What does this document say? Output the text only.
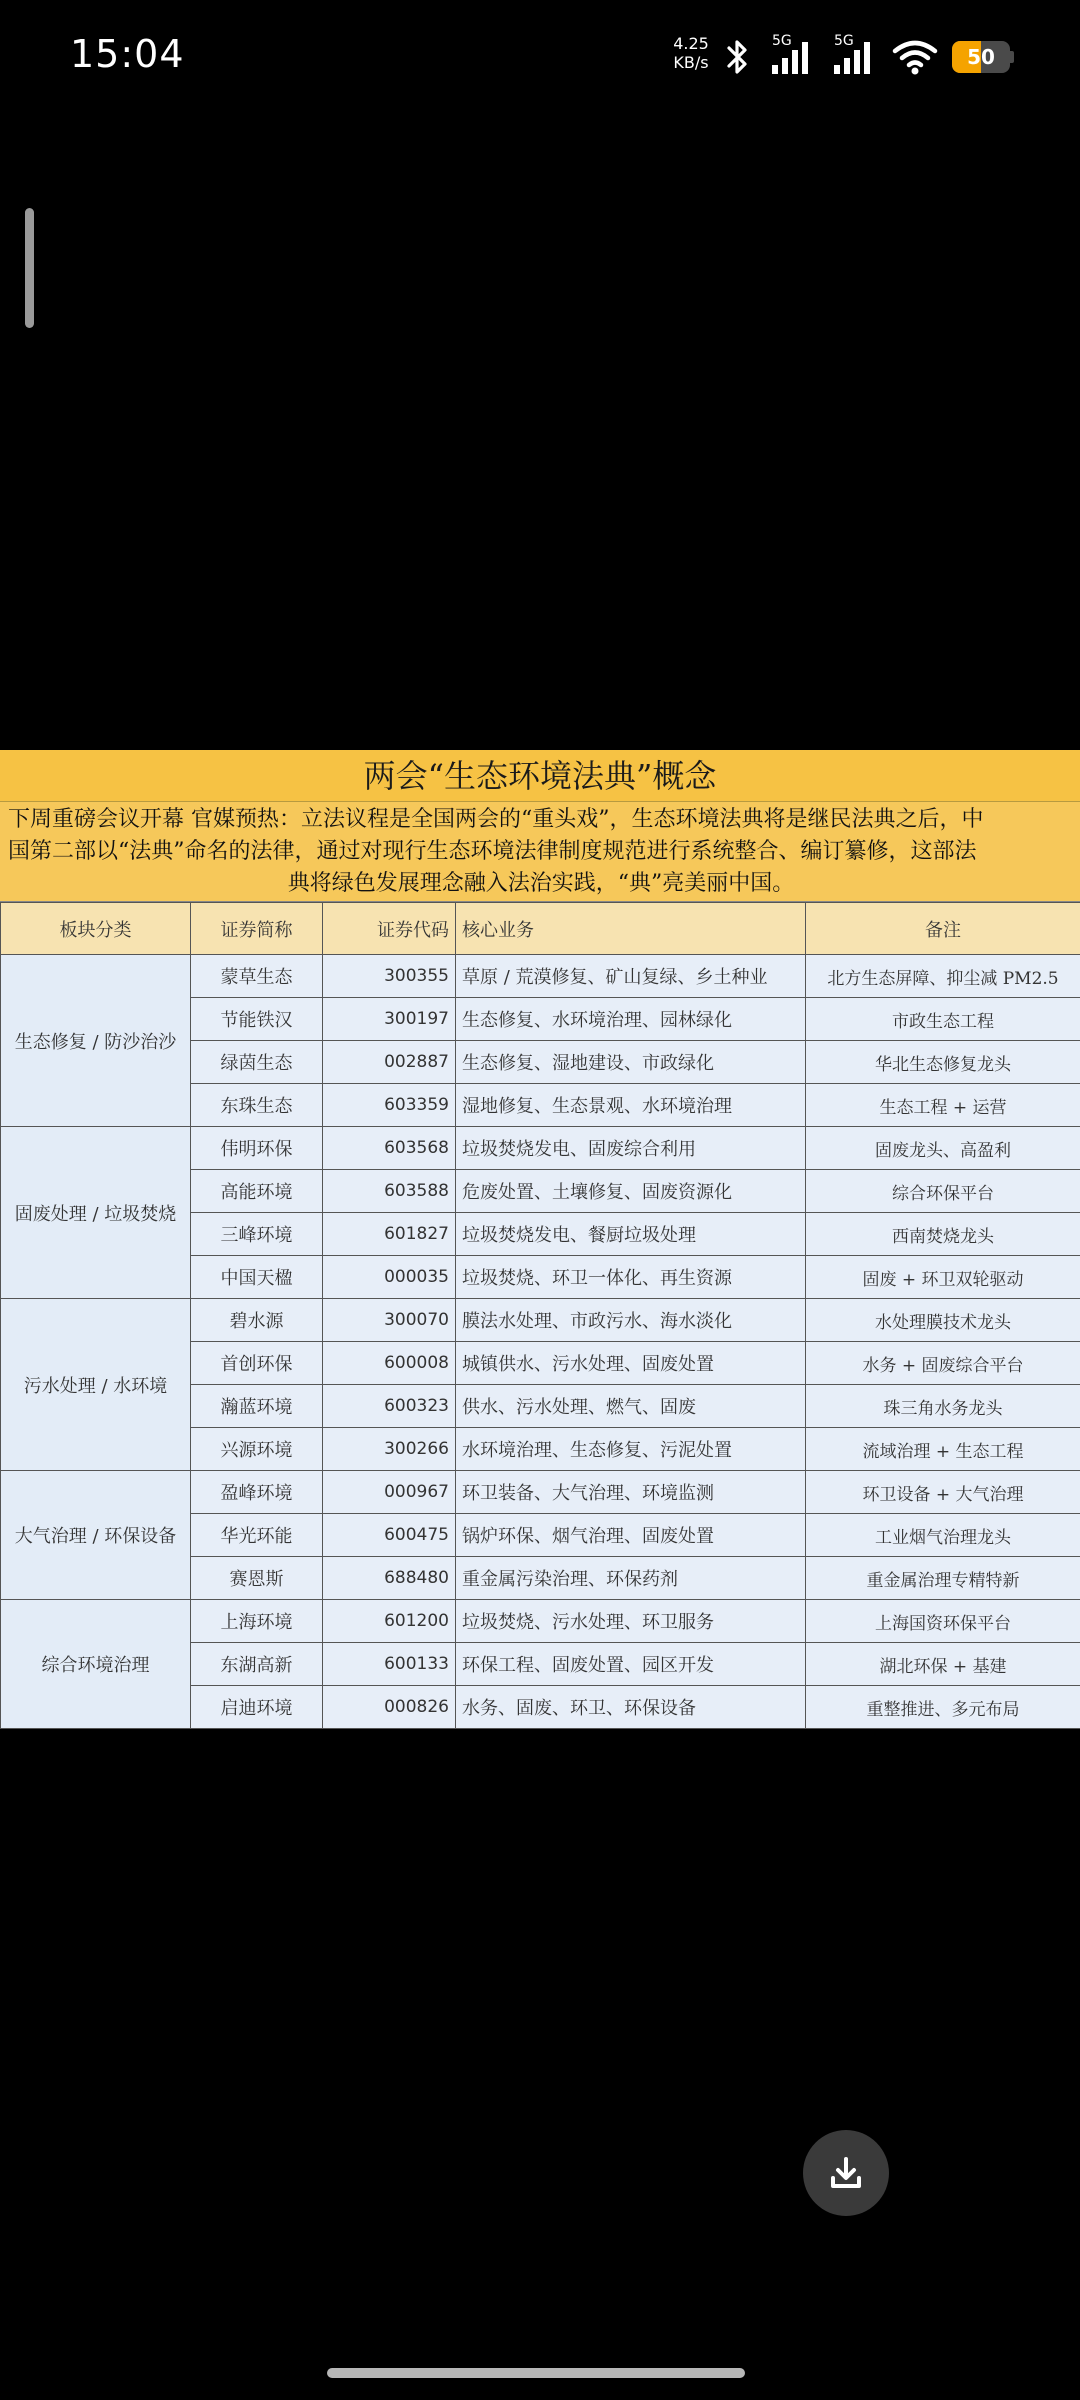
15:04	4.25
KB/s
5G	5G
50
两会“生态环境法典”概念
下周重磅会议开幕 官媒预热：立法议程是全国两会的“重头戏”，生态环境法典将是继民法典之后，中
国第二部以“法典”命名的法律，通过对现行生态环境法律制度规范进行系统整合、编订纂修，这部法
典将绿色发展理念融入法治实践，“典”亮美丽中国。
板块分类	证券简称	证券代码	核心业务	备注
生态修复 / 防沙治沙	蒙草生态	300355	草原 / 荒漠修复、矿山复绿、乡土种业	北方生态屏障、抑尘减 PM2.5
	节能铁汉	300197	生态修复、水环境治理、园林绿化	市政生态工程
	绿茵生态	002887	生态修复、湿地建设、市政绿化	华北生态修复龙头
	东珠生态	603359	湿地修复、生态景观、水环境治理	生态工程 + 运营
固废处理 / 垃圾焚烧	伟明环保	603568	垃圾焚烧发电、固废综合利用	固废龙头、高盈利
	高能环境	603588	危废处置、土壤修复、固废资源化	综合环保平台
	三峰环境	601827	垃圾焚烧发电、餐厨垃圾处理	西南焚烧龙头
	中国天楹	000035	垃圾焚烧、环卫一体化、再生资源	固废 + 环卫双轮驱动
污水处理 / 水环境	碧水源	300070	膜法水处理、市政污水、海水淡化	水处理膜技术龙头
	首创环保	600008	城镇供水、污水处理、固废处置	水务 + 固废综合平台
	瀚蓝环境	600323	供水、污水处理、燃气、固废	珠三角水务龙头
	兴源环境	300266	水环境治理、生态修复、污泥处置	流域治理 + 生态工程
大气治理 / 环保设备	盈峰环境	000967	环卫装备、大气治理、环境监测	环卫设备 + 大气治理
	华光环能	600475	锅炉环保、烟气治理、固废处置	工业烟气治理龙头
	赛恩斯	688480	重金属污染治理、环保药剂	重金属治理专精特新
综合环境治理	上海环境	601200	垃圾焚烧、污水处理、环卫服务	上海国资环保平台
	东湖高新	600133	环保工程、固废处置、园区开发	湖北环保 + 基建
	启迪环境	000826	水务、固废、环卫、环保设备	重整推进、多元布局
